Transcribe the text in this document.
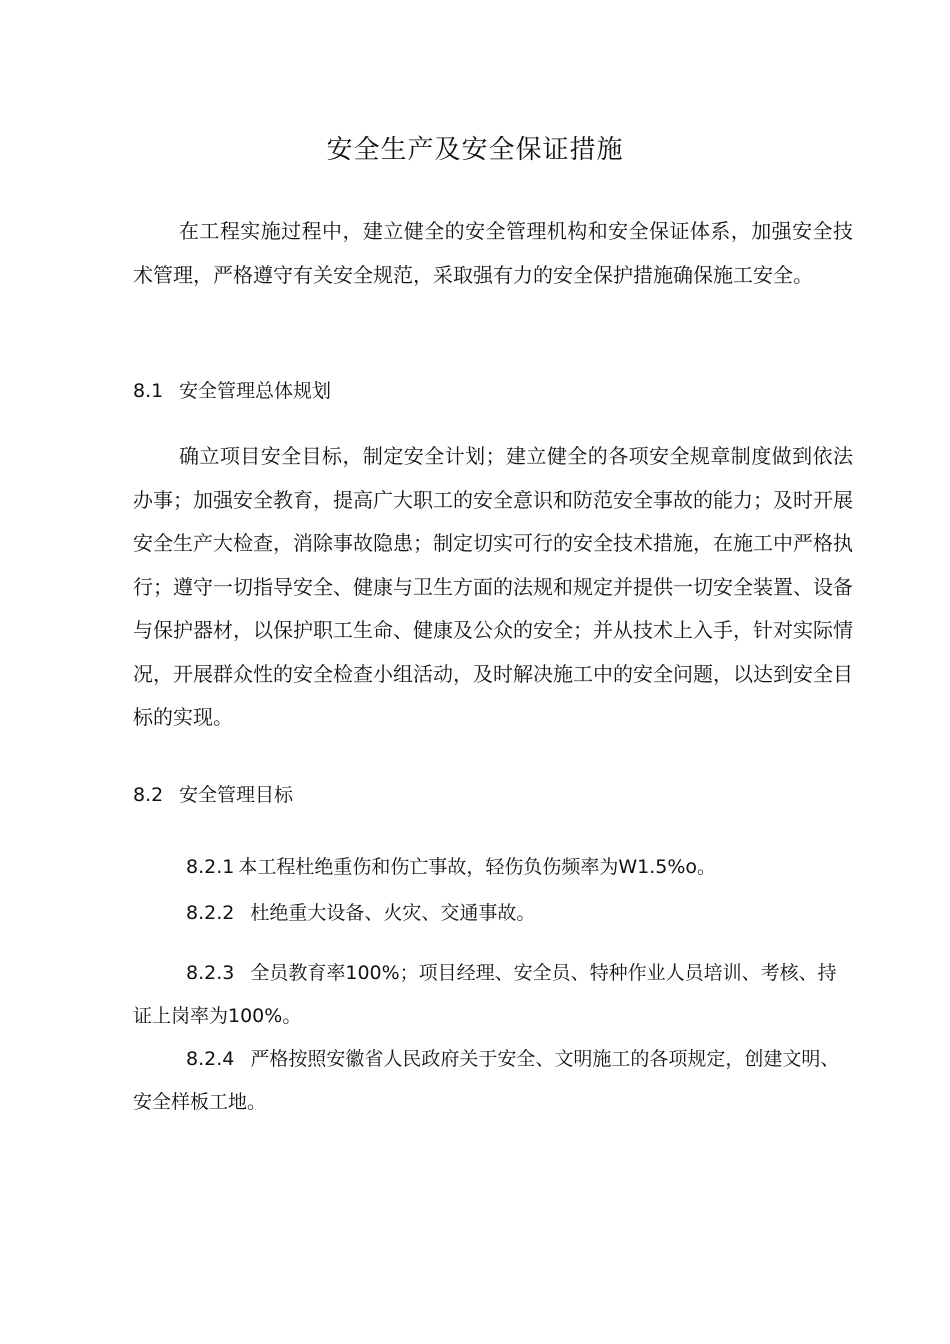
安全生产及安全保证措施
在工程实施过程中，建立健全的安全管理机构和安全保证体系，加强安全技术管理，严格遵守有关安全规范，采取强有力的安全保护措施确保施工安全。
8.1 安全管理总体规划
确立项目安全目标，制定安全计划；建立健全的各项安全规章制度做到依法办事；加强安全教育，提高广大职工的安全意识和防范安全事故的能力；及时开展安全生产大检查，消除事故隐患；制定切实可行的安全技术措施，在施工中严格执行；遵守一切指导安全、健康与卫生方面的法规和规定并提供一切安全装置、设备与保护器材，以保护职工生命、健康及公众的安全；并从技术上入手，针对实际情况，开展群众性的安全检查小组活动，及时解决施工中的安全问题，以达到安全目标的实现。
8.2 安全管理目标
8.2.1 本工程杜绝重伤和伤亡事故，轻伤负伤频率为W1.5%o。
8.2.2 杜绝重大设备、火灾、交通事故。
8.2.3 全员教育率100%；项目经理、安全员、特种作业人员培训、考核、持证上岗率为100%。
8.2.4 严格按照安徽省人民政府关于安全、文明施工的各项规定，创建文明、安全样板工地。
